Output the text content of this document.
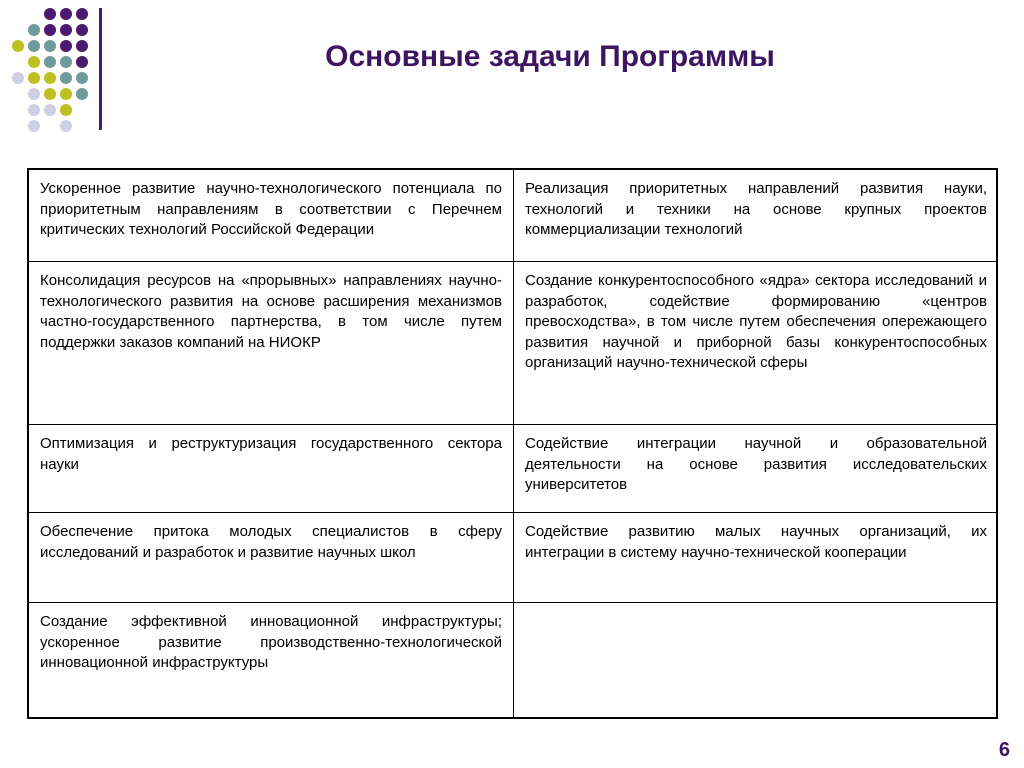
Основные задачи Программы
Ускоренное развитие научно-технологического потенциала по приоритетным направлениям в соответствии с Перечнем критических технологий Российской Федерации
Реализация приоритетных направлений развития науки, технологий и техники на основе крупных проектов коммерциализации технологий
Консолидация ресурсов на «прорывных» направлениях научно-технологического развития на основе расширения механизмов частно-государственного партнерства, в том числе путем поддержки заказов компаний на НИОКР
Создание конкурентоспособного «ядра» сектора исследований и разработок, содействие формированию «центров превосходства», в том числе путем обеспечения опережающего развития научной и приборной базы конкурентоспособных организаций научно-технической сферы
Оптимизация и реструктуризация государственного сектора науки
Содействие интеграции научной и образовательной деятельности на основе развития исследовательских университетов
Обеспечение притока молодых специалистов в сферу исследований и разработок и развитие научных школ
Содействие развитию малых научных организаций, их интеграции в систему научно-технической кооперации
Создание эффективной инновационной инфраструктуры; ускоренное развитие производственно-технологической инновационной инфраструктуры
6
